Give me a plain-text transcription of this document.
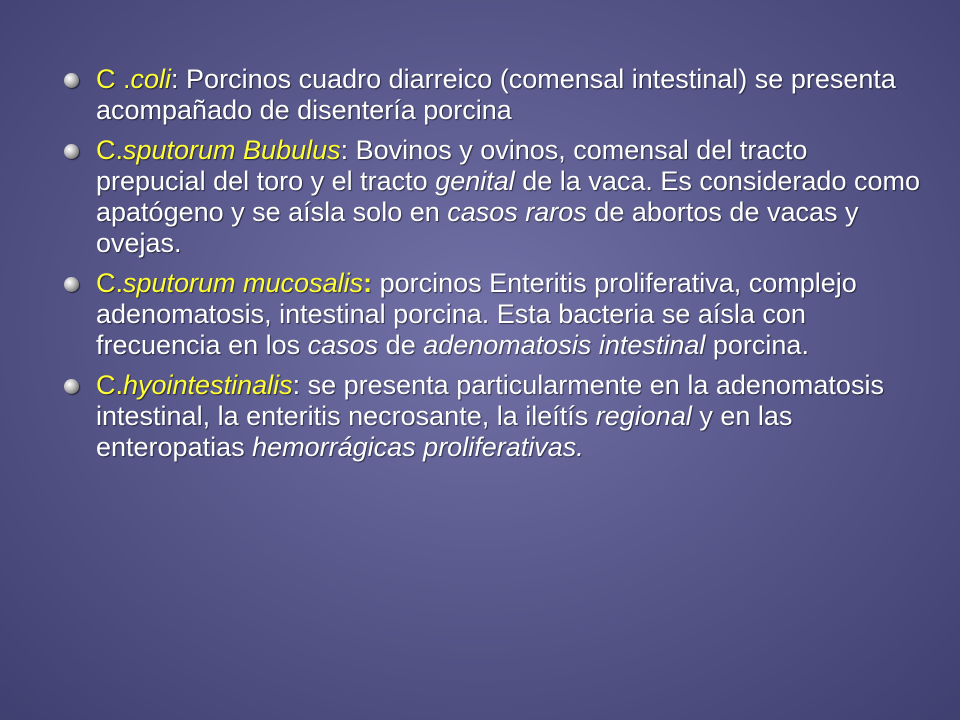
C .coli: Porcinos cuadro diarreico (comensal intestinal) se presenta acompañado de disentería porcina
C.sputorum Bubulus: Bovinos y ovinos, comensal del tracto prepucial del toro y el tracto genital de la vaca. Es considerado como apatógeno y se aísla solo en casos raros de abortos de vacas y ovejas.
C.sputorum mucosalis: porcinos Enteritis proliferativa, complejo adenomatosis, intestinal porcina. Esta bacteria se aísla con frecuencia en los casos de adenomatosis intestinal porcina.
C.hyointestinalis: se presenta particularmente en la adenomatosis intestinal, la enteritis necrosante, la ileítís regional y en las enteropatias hemorrágicas proliferativas.
